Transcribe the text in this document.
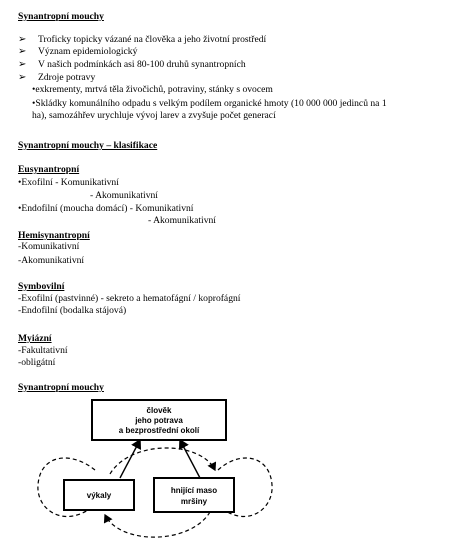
Synantropní mouchy
➢ Troficky topicky vázané na člověka a jeho životní prostředí
➢ Význam epidemiologický
➢ V našich podmínkách asi 80-100 druhů synantropních
➢ Zdroje potravy
•exkrementy, mrtvá těla živočichů, potraviny, stánky s ovocem
•Skládky komunálního odpadu s velkým podílem organické hmoty (10 000 000 jedinců na 1
ha), samozáhřev urychluje vývoj larev a zvyšuje počet generací
Synantropní mouchy – klasifikace
Eusynantropní
•Exofilní - Komunikativní
- Akomunikativní
•Endofilní (moucha domácí) - Komunikativní
- Akomunikativní
Hemisynantropní
-Komunikativní
-Akomunikativní
Symbovilní
-Exofilní (pastvinné) - sekreto a hematofágní / koprofágní
-Endofilní (bodalka stájová)
Myiázní
-Fakultativní
-obligátní
Synantropní mouchy
člověk
jeho potrava
a bezprostřední okolí
výkaly
hnijící maso
mršiny
